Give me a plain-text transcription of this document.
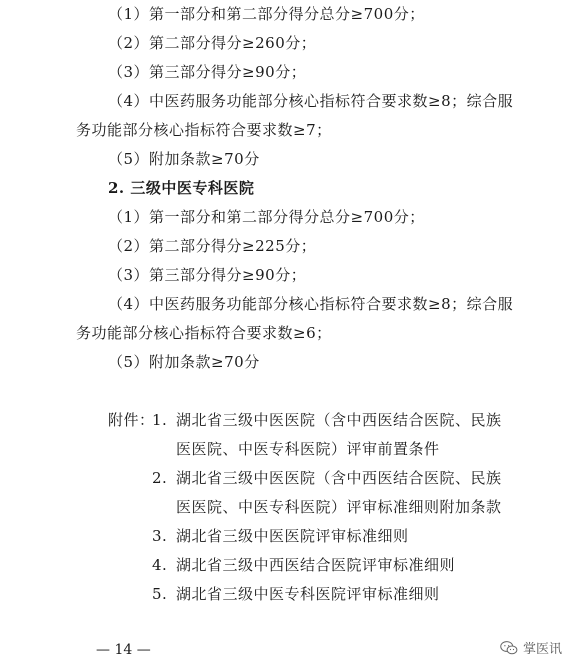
（1）第一部分和第二部分得分总分≥700分；
（2）第二部分得分≥260分；
（3）第三部分得分≥90分；
（4）中医药服务功能部分核心指标符合要求数≥8；综合服
务功能部分核心指标符合要求数≥7；
（5）附加条款≥70分
2. 三级中医专科医院
（1）第一部分和第二部分得分总分≥700分；
（2）第二部分得分≥225分；
（3）第三部分得分≥90分；
（4）中医药服务功能部分核心指标符合要求数≥8；综合服
务功能部分核心指标符合要求数≥6；
（5）附加条款≥70分
附件：
1. 湖北省三级中医医院（含中西医结合医院、民族
医医院、中医专科医院）评审前置条件
2. 湖北省三级中医医院（含中西医结合医院、民族
医医院、中医专科医院）评审标准细则附加条款
3. 湖北省三级中医医院评审标准细则
4. 湖北省三级中西医结合医院评审标准细则
5. 湖北省三级中医专科医院评审标准细则
— 14 —	掌医讯
